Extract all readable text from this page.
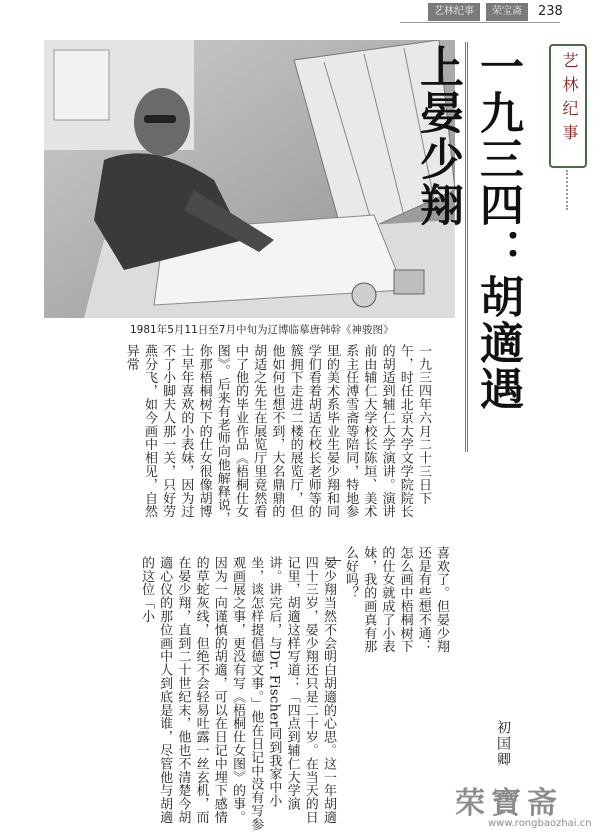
艺林纪事	荣宝斋	238
1981年5月11日至7月中旬为辽博临摹唐韩幹《神骏图》 一九三四：胡適遇上晏少翔	艺林纪事
一九三四年六月二十三日下午，时任北京大学文学院院长的胡适到辅仁大学演讲。演讲前由辅仁大学校长陈垣、美术系主任溥雪斋等陪同，特地参
里的美术系毕业生晏少翔和同学们看着胡适在校长老师等的簇拥下走进二楼的展览厅，但他如何也想不到，大名鼎鼎的胡适之先生在展览厅里竟然看中了他的毕业作品《梧桐仕女图》。后来有老师向他解释说，你那梧桐树下的仕女很像胡博士早年喜欢的小表妹，因为过不了小脚夫人那一关，只好劳燕分飞，如今画中相见，自然异常
喜欢了。但晏少翔还是有些想不通：怎么画中梧桐树下的仕女就成了小表妹，我的画真有那么好吗？
晏少翔当然不会明白胡適的心思。这一年胡適四十三岁，晏少翔还只是二十岁。在当天的日记里，胡適这样写道：「四点到辅仁大学演讲。讲完后，与Dr. Fischer同到我家中小坐，谈怎样提倡德文事。」他在日记中没有写参观画展之事，更没有写《梧桐仕女图》的事。因为一向谨慎的胡適，可以在日记中埋下感情的草蛇灰线，但绝不会轻易吐露一丝玄机，而在晏少翔，直到二十世纪末，他也不清楚今胡適心仪的那位画中人到底是谁，尽管他与胡適的这位「小
初国卿
荣寶斋
www.rongbaozhai.cn
